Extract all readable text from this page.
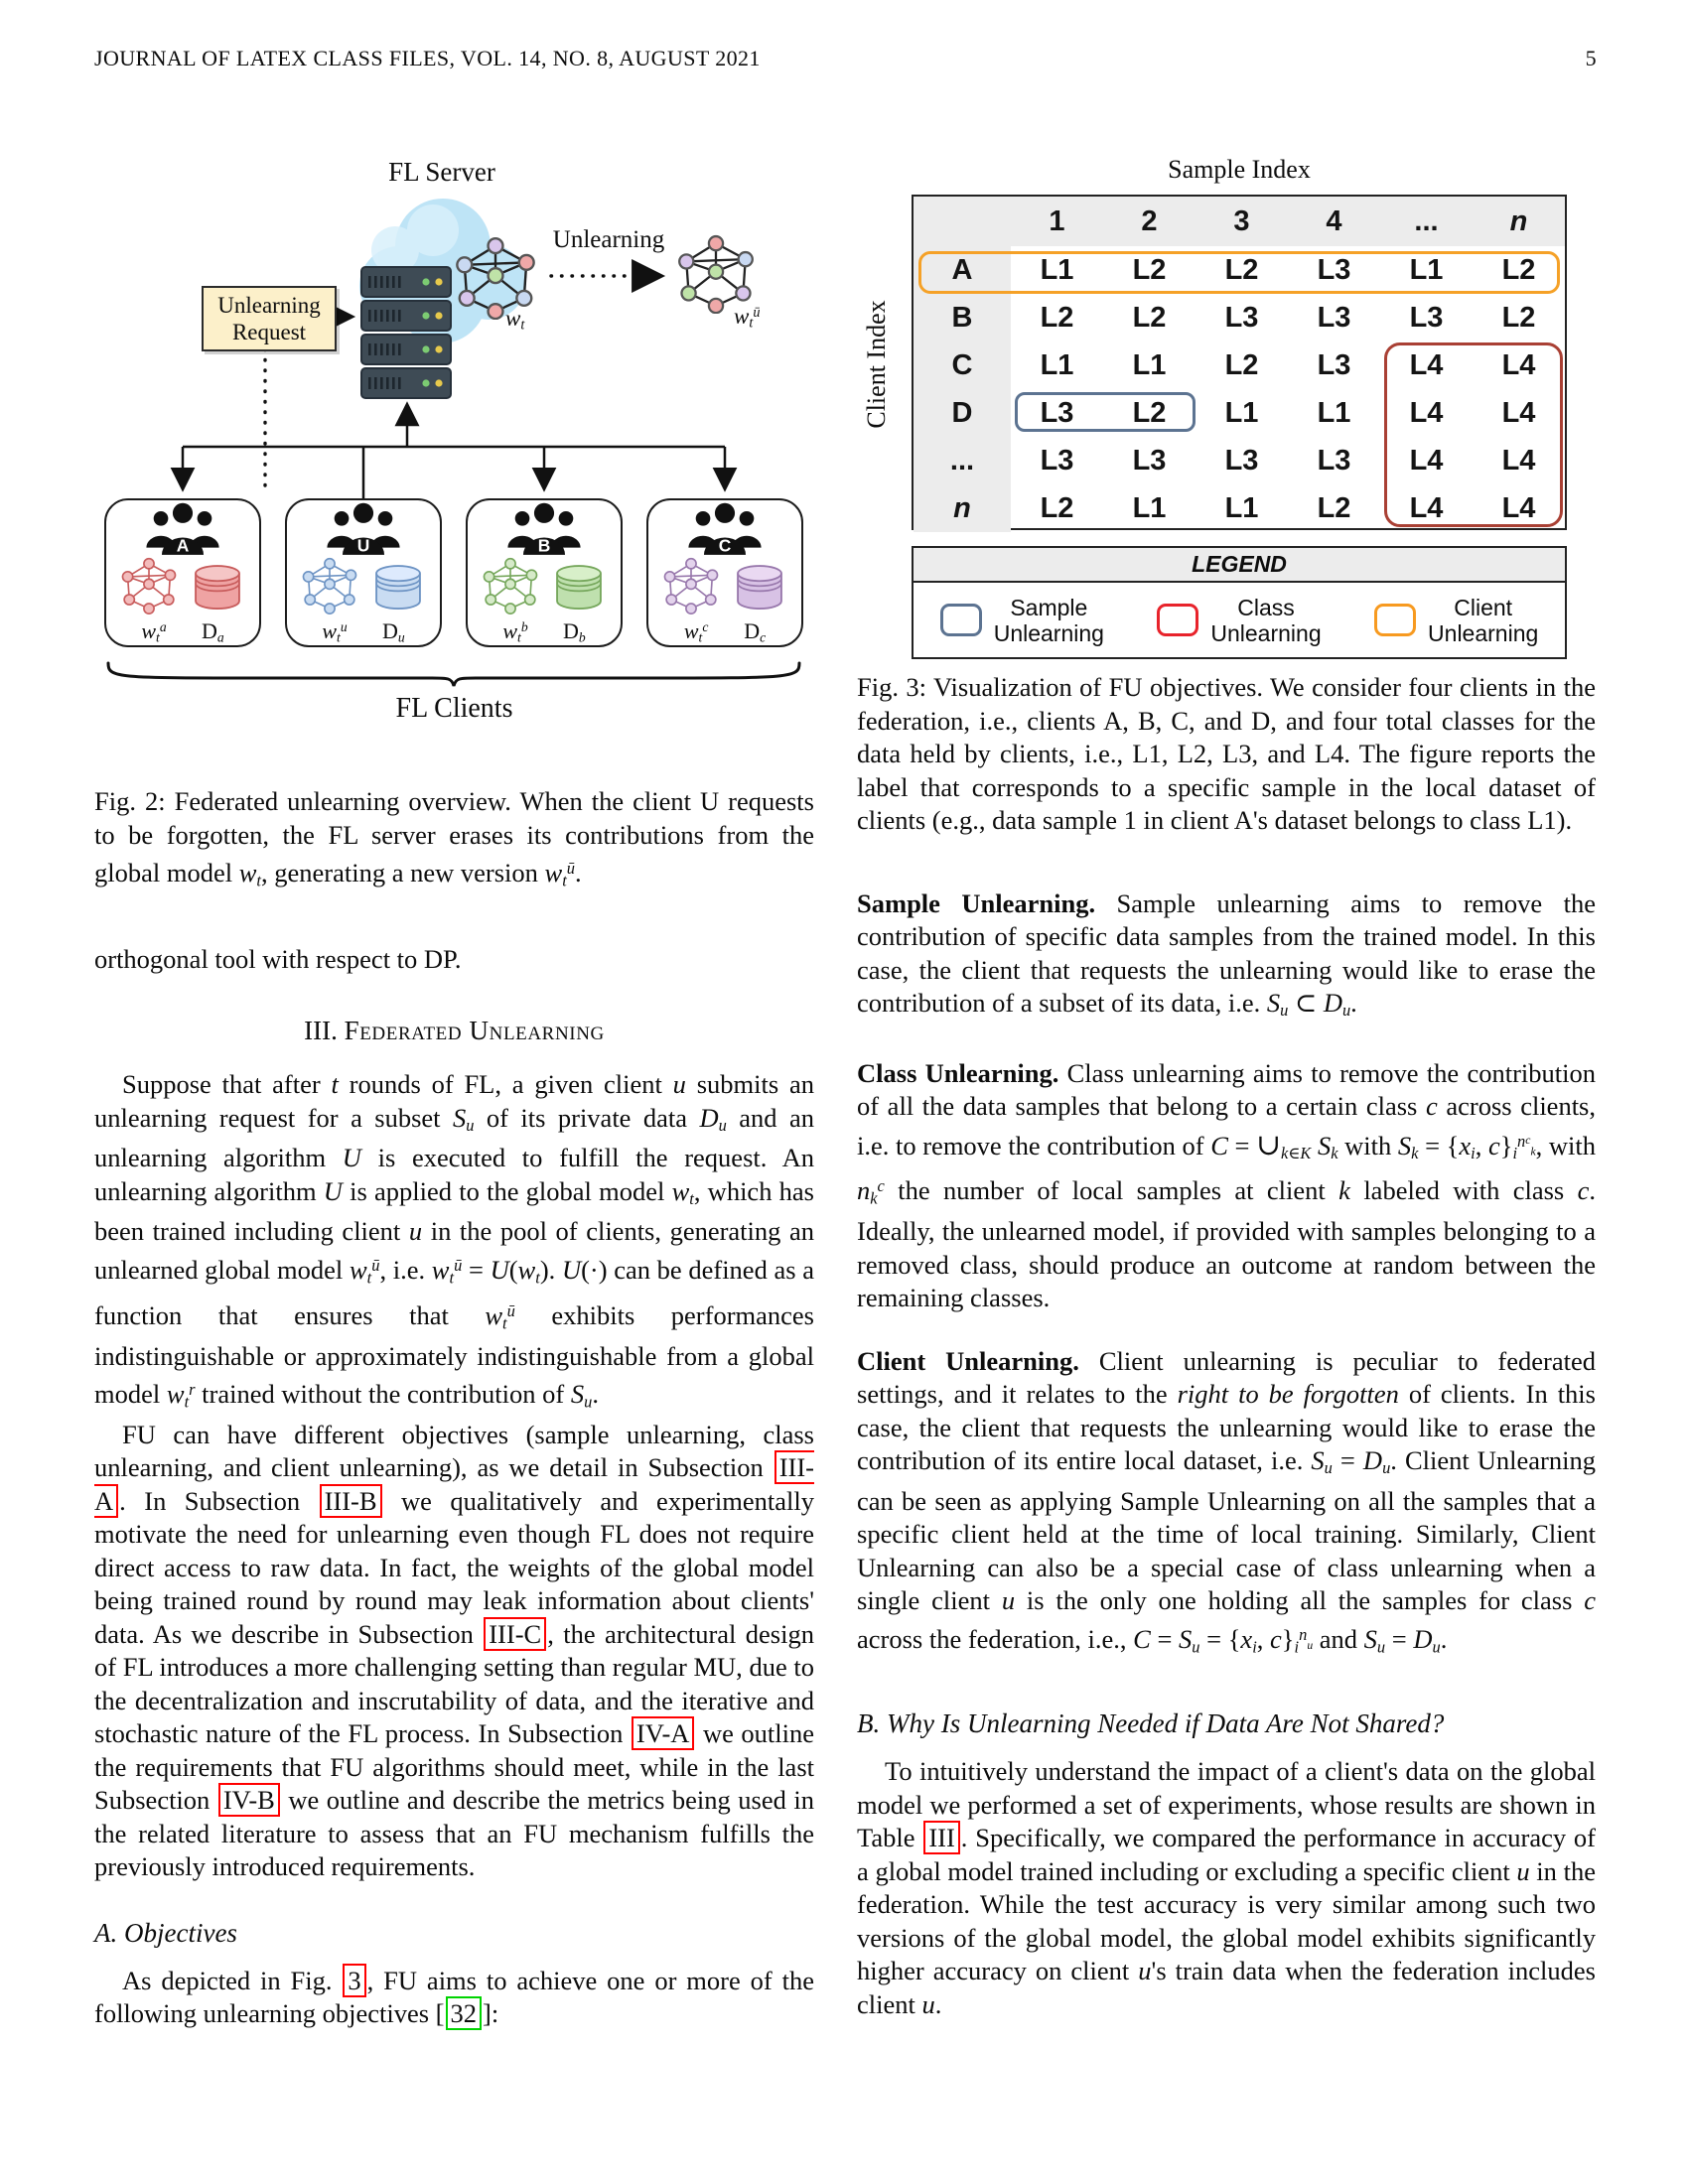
JOURNAL OF LATEX CLASS FILES, VOL. 14, NO. 8, AUGUST 2021	5
FL Server
wt
Unlearning
$wt^ū$
Unlearning Request
A
$wt^a$ Da
U
$wt^u$ Du
B
$wt^b$ Db
C
$wt^c$ Dc
FL Clients

Fig. 2: Federated unlearning overview. When the client U requests to be forgotten, the FL server erases its contributions from the global model wt, generating a new version $wt^ū$.

orthogonal tool with respect to DP.

III. Federated Unlearning

Suppose that after t rounds of FL, a given client u submits an unlearning request for a subset Su of its private data Du and an unlearning algorithm U is executed to fulfill the request. An unlearning algorithm U is applied to the global model wt, which has been trained including client u in the pool of clients, generating an unlearned global model $wt^ū$, i.e. $wt^ū = U(wt)$. U(·) can be defined as a function that ensures that $wt^ū$ exhibits performances indistinguishable or approximately indistinguishable from a global model $wt^r$ trained without the contribution of Su.

FU can have different objectives (sample unlearning, class unlearning, and client unlearning), as we detail in Subsection III-A . In Subsection III-B we qualitatively and experimentally motivate the need for unlearning even though FL does not require direct access to raw data. In fact, the weights of the global model being trained round by round may leak information about clients' data. As we describe in Subsection III-C , the architectural design of FL introduces a more challenging setting than regular MU, due to the decentralization and inscrutability of data, and the iterative and stochastic nature of the FL process. In Subsection IV-A we outline the requirements that FU algorithms should meet, while in the last Subsection IV-B we outline and describe the metrics being used in the related literature to assess that an FU mechanism fulfills the previously introduced requirements.

A. Objectives

As depicted in Fig. 3 , FU aims to achieve one or more of the following unlearning objectives [ 32 ]:

Sample Index
Client Index
1	2	3	4	...	n
A	L1	L2	L2	L3	L1	L2
B	L2	L2	L3	L3	L3	L2
C	L1	L1	L2	L3	L4	L4
D	L3	L2	L1	L1	L4	L4
...	L3	L3	L3	L3	L4	L4
n	L2	L1	L1	L2	L4	L4
LEGEND
Sample
Unlearning
Class
Unlearning
Client
Unlearning

Fig. 3: Visualization of FU objectives. We consider four clients in the federation, i.e., clients A, B, C, and D, and four total classes for the data held by clients, i.e., L1, L2, L3, and L4. The figure reports the label that corresponds to a specific sample in the local dataset of clients (e.g., data sample 1 in client A's dataset belongs to class L1).

Sample Unlearning. Sample unlearning aims to remove the contribution of specific data samples from the trained model. In this case, the client that requests the unlearning would like to erase the contribution of a subset of its data, i.e. Su ⊂ Du.

Class Unlearning. Class unlearning aims to remove the contribution of all the data samples that belong to a certain class c across clients, i.e. to remove the contribution of C = ∪k∈K Sk with Sk = {xi, $c\}i^{nc}k$, with $nk^c$ the number of local samples at client k labeled with class c. Ideally, the unlearned model, if provided with samples belonging to a removed class, should produce an outcome at random between the remaining classes.

Client Unlearning. Client unlearning is peculiar to federated settings, and it relates to the right to be forgotten of clients. In this case, the client that requests the unlearning would like to erase the contribution of its entire local dataset, i.e. Su = Du. Client Unlearning can be seen as applying Sample Unlearning on all the samples that a specific client held at the time of local training. Similarly, Client Unlearning can also be a special case of class unlearning when a single client u is the only one holding all the samples for class c across the federation, i.e., C = Su = {xi, $c\}i^nu$ and Su = Du.

B. Why Is Unlearning Needed if Data Are Not Shared?

To intuitively understand the impact of a client's data on the global model we performed a set of experiments, whose results are shown in Table III . Specifically, we compared the performance in accuracy of a global model trained including or excluding a specific client u in the federation. While the test accuracy is very similar among such two versions of the global model, the global model exhibits significantly higher accuracy on client u's train data when the federation includes client u.
